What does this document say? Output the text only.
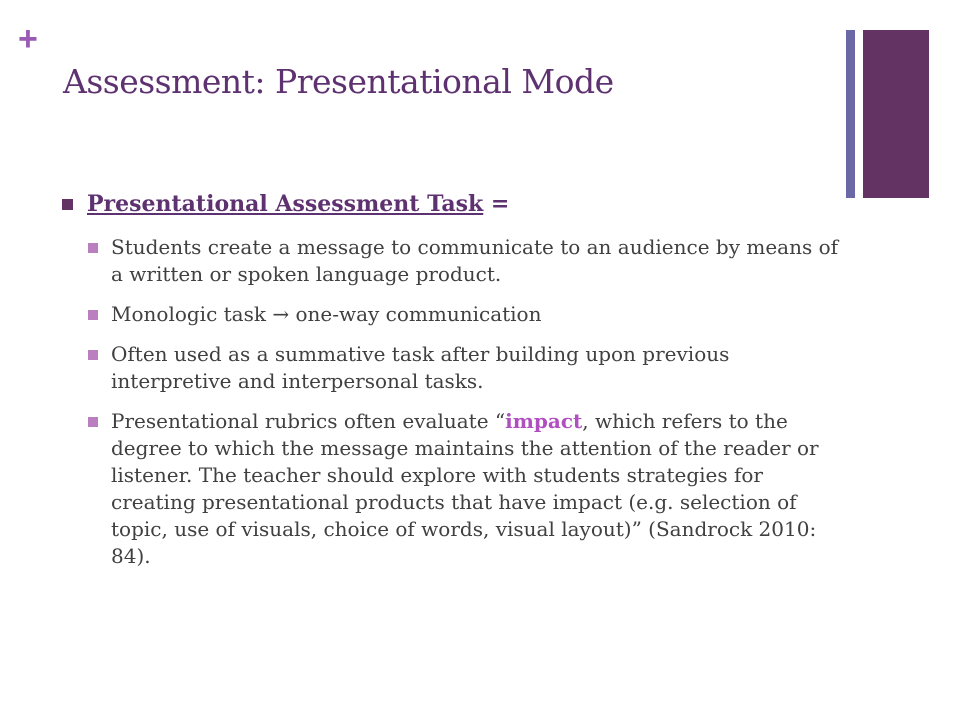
+
Assessment: Presentational Mode
Presentational Assessment Task =
Students create a message to communicate to an audience by means of a written or spoken language product.
Monologic task → one-way communication
Often used as a summative task after building upon previous interpretive and interpersonal tasks.
Presentational rubrics often evaluate “impact, which refers to the degree to which the message maintains the attention of the reader or listener. The teacher should explore with students strategies for creating presentational products that have impact (e.g. selection of topic, use of visuals, choice of words, visual layout)” (Sandrock 2010: 84).
